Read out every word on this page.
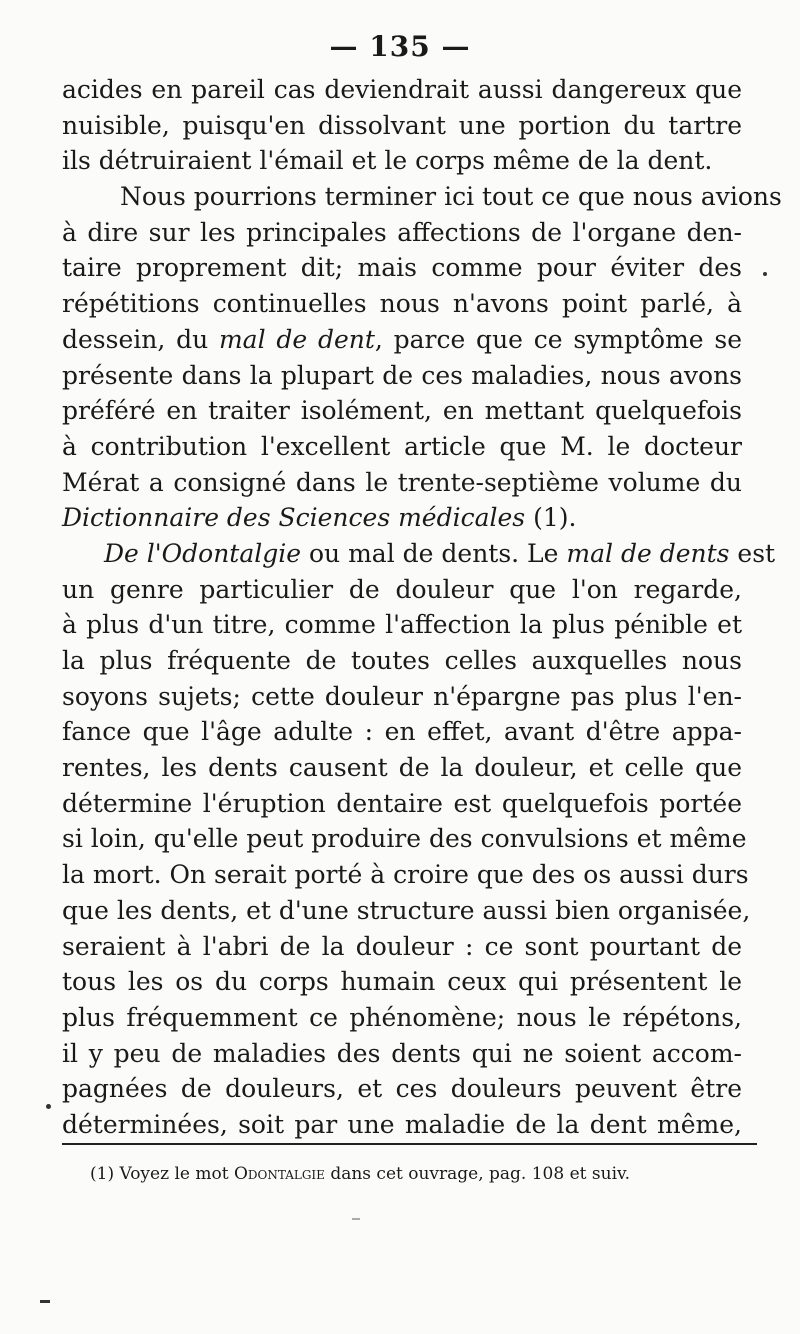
— 135 —
acides en pareil cas deviendrait aussi dangereux que
nuisible, puisqu'en dissolvant une portion du tartre
ils détruiraient l'émail et le corps même de la dent.
Nous pourrions terminer ici tout ce que nous avions
à dire sur les principales affections de l'organe den-
taire proprement dit; mais comme pour éviter des
répétitions continuelles nous n'avons point parlé, à
dessein, du mal de dent, parce que ce symptôme se
présente dans la plupart de ces maladies, nous avons
préféré en traiter isolément, en mettant quelquefois
à contribution l'excellent article que M. le docteur
Mérat a consigné dans le trente-septième volume du
Dictionnaire des Sciences médicales (1).
De l'Odontalgie ou mal de dents. Le mal de dents est
un genre particulier de douleur que l'on regarde,
à plus d'un titre, comme l'affection la plus pénible et
la plus fréquente de toutes celles auxquelles nous
soyons sujets; cette douleur n'épargne pas plus l'en-
fance que l'âge adulte : en effet, avant d'être appa-
rentes, les dents causent de la douleur, et celle que
détermine l'éruption dentaire est quelquefois portée
si loin, qu'elle peut produire des convulsions et même
la mort. On serait porté à croire que des os aussi durs
que les dents, et d'une structure aussi bien organisée,
seraient à l'abri de la douleur : ce sont pourtant de
tous les os du corps humain ceux qui présentent le
plus fréquemment ce phénomène; nous le répétons,
il y peu de maladies des dents qui ne soient accom-
pagnées de douleurs, et ces douleurs peuvent être
déterminées, soit par une maladie de la dent même,
(1) Voyez le mot Odontalgie dans cet ouvrage, pag. 108 et suiv.
